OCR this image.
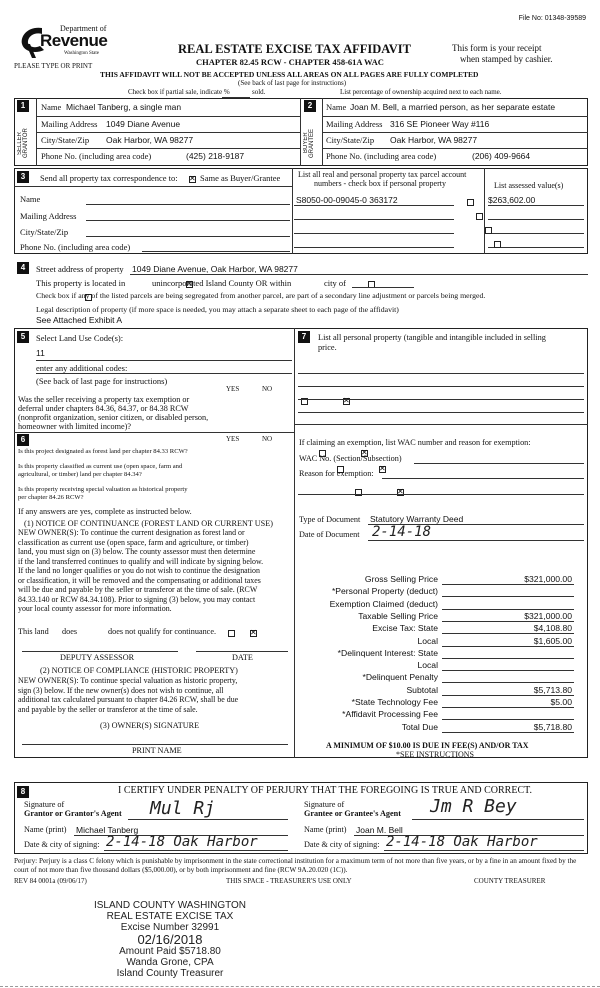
File No: 01348-39589
Department of
Revenue
Washington State
PLEASE TYPE OR PRINT
REAL ESTATE EXCISE TAX AFFIDAVIT
CHAPTER 82.45 RCW - CHAPTER 458-61A WAC
This form is your receipt
when stamped by cashier.
THIS AFFIDAVIT WILL NOT BE ACCEPTED UNLESS ALL AREAS ON ALL PAGES ARE FULLY COMPLETED
(See back of last page for instructions)
Check box if partial sale, indicate %	sold.	List percentage of ownership acquired next to each name.
1
SELLER GRANTOR
Name Michael Tanberg, a single man
Mailing Address 1049 Diane Avenue
City/State/Zip Oak Harbor, WA 98277
Phone No. (including area code)	(425) 218-9187
2
BUYER GRANTEE
Name Joan M. Bell, a married person, as her separate estate
Mailing Address 316 SE Pioneer Way #116
City/State/Zip Oak Harbor, WA 98277
Phone No. (including area code)	(206) 409-9664
3	Send all property tax correspondence to: ✕	Same as Buyer/Grantee
Name
Mailing Address
City/State/Zip
Phone No. (including area code)
List all real and personal property tax parcel account
numbers - check box if personal property	List assessed value(s)
S8050-00-09045-0 363172	$263,602.00

4	Street address of property 1049 Diane Avenue, Oak Harbor, WA 98277
This property is located in ✕	unincorporated Island County OR within
	city of

Check box if any of the listed parcels are being segregated from another parcel, are part of a secondary line adjustment or parcels being merged.
Legal description of property (if more space is needed, you may attach a separate sheet to each page of the affidavit)
See Attached Exhibit A
5	Select Land Use Code(s):
11
enter any additional codes:
(See back of last page for instructions)
YES	NO
Was the seller receiving a property tax exemption or
deferral under chapters 84.36, 84.37, or 84.38 RCW
(nonprofit organization, senior citizen, or disabled person,
homeowner with limited income)?
✕
6	YES	NO
Is this project designated as forest land per chapter 84.33 RCW?
✕
Is this property classified as current use (open space, farm and
agricultural, or timber) land per chapter 84.34?
✕
Is this property receiving special valuation as historical property
per chapter 84.26 RCW?
✕
If any answers are yes, complete as instructed below.
(1) NOTICE OF CONTINUANCE (FOREST LAND OR CURRENT USE)
NEW OWNER(S): To continue the current designation as forest land or
classification as current use (open space, farm and agriculture, or timber)
land, you must sign on (3) below. The county assessor must then determine
if the land transferred continues to qualify and will indicate by signing below.
If the land no longer qualifies or you do not wish to continue the designation
or classification, it will be removed and the compensating or additional taxes
will be due and payable by the seller or transferor at the time of sale. (RCW
84.33.140 or RCW 84.34.108). Prior to signing (3) below, you may contact
your local county assessor for more information.
This land does ✕	does not qualify for continuance.
DEPUTY ASSESSOR	DATE
(2) NOTICE OF COMPLIANCE (HISTORIC PROPERTY)
NEW OWNER(S): To continue special valuation as historic property,
sign (3) below. If the new owner(s) does not wish to continue, all
additional tax calculated pursuant to chapter 84.26 RCW, shall be due
and payable by the seller or transferor at the time of sale.
(3) OWNER(S) SIGNATURE
PRINT NAME
7	List all personal property (tangible and intangible included in selling
price.
If claiming an exemption, list WAC number and reason for exemption:
WAC No. (Section/Subsection)
Reason for exemption:
Type of Document Statutory Warranty Deed
Date of Document 2-14-18
Gross Selling Price	$321,000.00
*Personal Property (deduct)
Exemption Claimed (deduct)
Taxable Selling Price	$321,000.00
Excise Tax: State	$4,108.80
Local	$1,605.00
*Delinquent Interest: State
Local
*Delinquent Penalty
Subtotal	$5,713.80
*State Technology Fee	$5.00
*Affidavit Processing Fee
Total Due	$5,718.80
A MINIMUM OF $10.00 IS DUE IN FEE(S) AND/OR TAX
*SEE INSTRUCTIONS
8	I CERTIFY UNDER PENALTY OF PERJURY THAT THE FOREGOING IS TRUE AND CORRECT.
Signature of
Grantor or Grantor's Agent Mul Rj
Name (print) Michael Tanberg
Date & city of signing: 2-14-18 Oak Harbor
Signature of
Grantee or Grantee's Agent Jm R Bey
Name (print) Joan M. Bell
Date & city of signing: 2-14-18 Oak Harbor
Perjury: Perjury is a class C felony which is punishable by imprisonment in the state correctional institution for a maximum term of not more than five years, or by a fine in an amount fixed by the court of not more than five thousand dollars ($5,000.00), or by both imprisonment and fine (RCW 9A.20.020 (1C)).
REV 84 0001a (09/06/17)	THIS SPACE - TREASURER'S USE ONLY	COUNTY TREASURER
ISLAND COUNTY WASHINGTON
REAL ESTATE EXCISE TAX
Excise Number 32991
02/16/2018
Amount Paid $5718.80
Wanda Grone, CPA
Island County Treasurer
